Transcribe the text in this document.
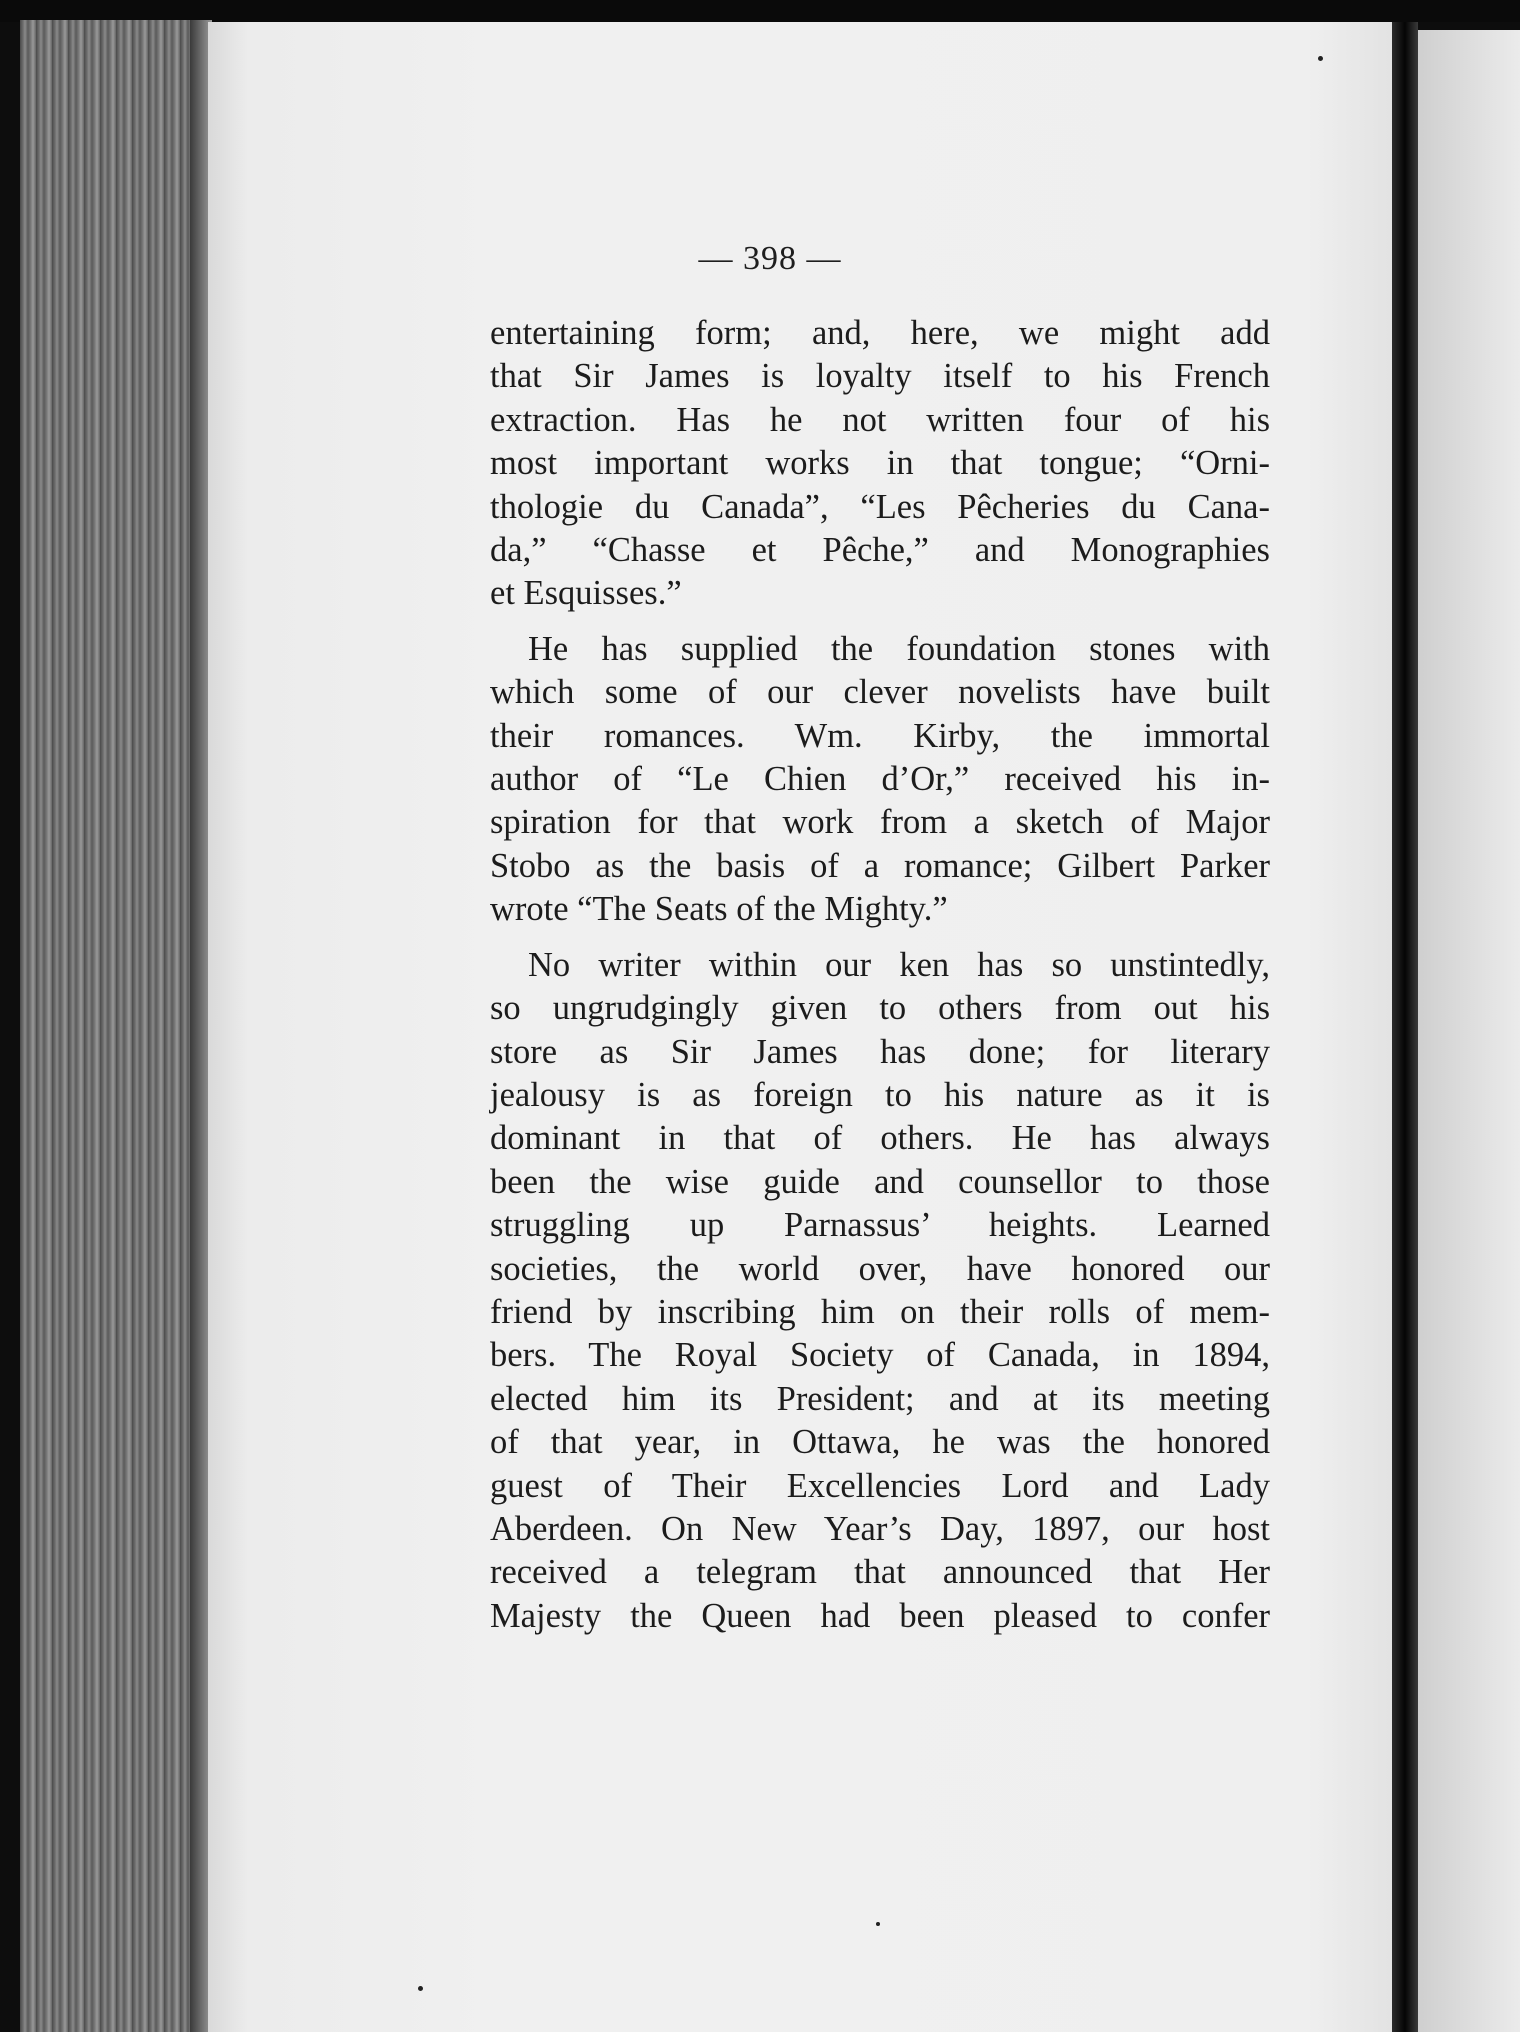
— 398 —

entertaining form; and, here, we might add
that Sir James is loyalty itself to his French
extraction. Has he not written four of his
most important works in that tongue; “Orni-
thologie du Canada”, “Les Pêcheries du Cana-
da,” “Chasse et Pêche,” and Monographies
et Esquisses.”

He has supplied the foundation stones with
which some of our clever novelists have built
their romances. Wm. Kirby, the immortal
author of “Le Chien d’Or,” received his in-
spiration for that work from a sketch of Major
Stobo as the basis of a romance; Gilbert Parker
wrote “The Seats of the Mighty.”

No writer within our ken has so unstintedly,
so ungrudgingly given to others from out his
store as Sir James has done; for literary
jealousy is as foreign to his nature as it is
dominant in that of others. He has always
been the wise guide and counsellor to those
struggling up Parnassus’ heights. Learned
societies, the world over, have honored our
friend by inscribing him on their rolls of mem-
bers. The Royal Society of Canada, in 1894,
elected him its President; and at its meeting
of that year, in Ottawa, he was the honored
guest of Their Excellencies Lord and Lady
Aberdeen. On New Year’s Day, 1897, our host
received a telegram that announced that Her
Majesty the Queen had been pleased to confer
